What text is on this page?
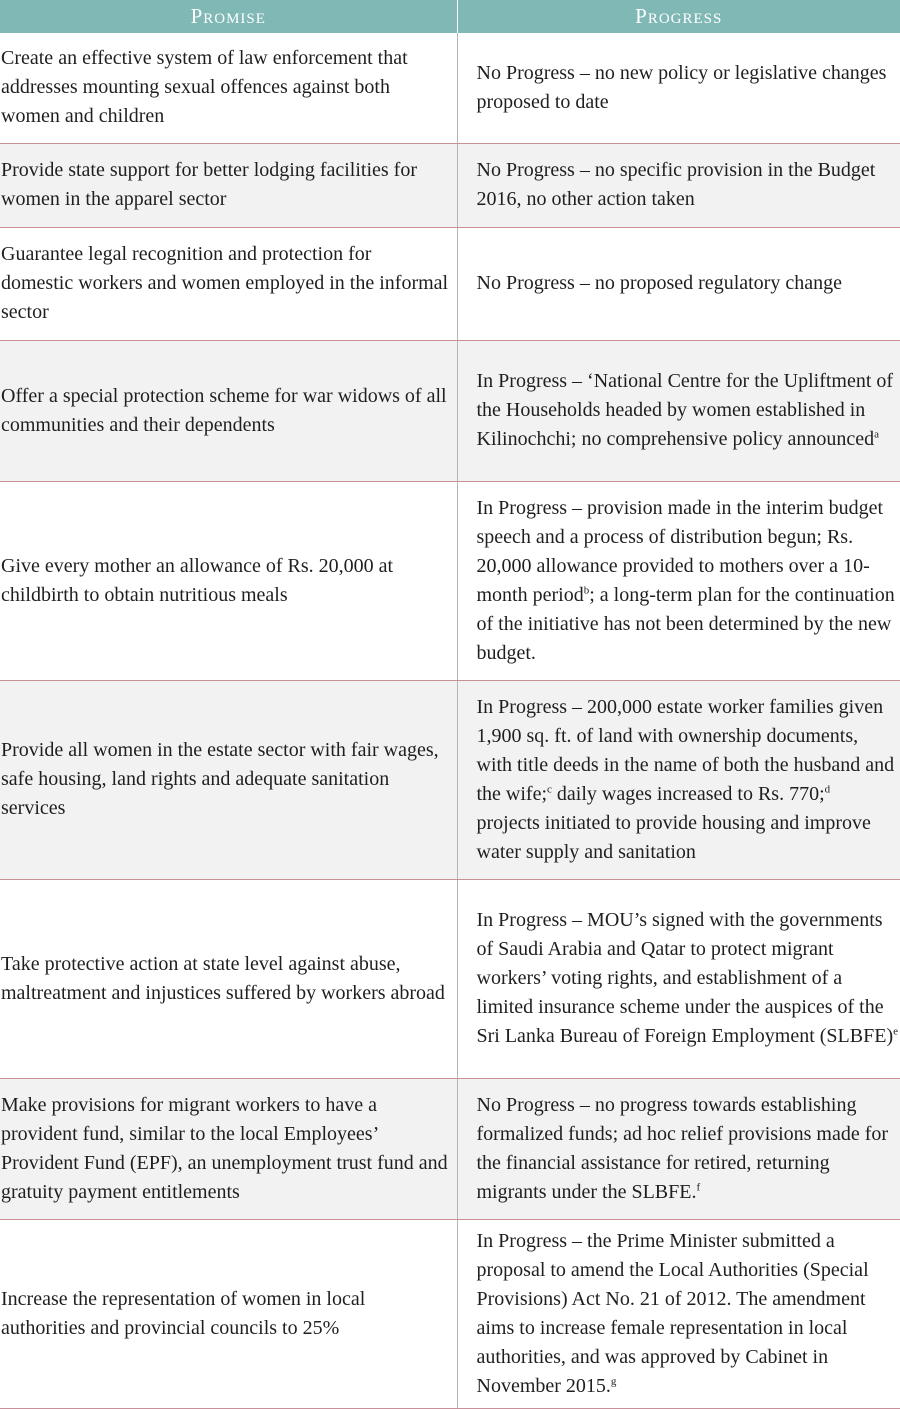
Promise	Progress
Create an effective system of law enforcement that addresses mounting sexual offences against both women and children	No Progress – no new policy or legislative changes proposed to date
Provide state support for better lodging facilities for women in the apparel sector	No Progress – no specific provision in the Budget 2016, no other action taken
Guarantee legal recognition and protection for domestic workers and women employed in the informal sector	No Progress – no proposed regulatory change
Offer a special protection scheme for war widows of all communities and their dependents	In Progress – ‘National Centre for the Upliftment of the Households headed by women established in Kilinochchi; no comprehensive policy announced$^a$
Give every mother an allowance of Rs. 20,000 at childbirth to obtain nutritious meals	In Progress – provision made in the interim budget speech and a process of distribution begun; Rs. 20,000 allowance provided to mothers over a 10-month period$^b$; a long-term plan for the continuation of the initiative has not been determined by the new budget.
Provide all women in the estate sector with fair wages, safe housing, land rights and adequate sanitation services	In Progress – 200,000 estate worker families given 1,900 sq. ft. of land with ownership documents, with title deeds in the name of both the husband and the wife;$^c$ daily wages increased to Rs. 770;$^d$ projects initiated to provide housing and improve water supply and sanitation
Take protective action at state level against abuse, maltreatment and injustices suffered by workers abroad	In Progress – MOU’s signed with the governments of Saudi Arabia and Qatar to protect migrant workers’ voting rights, and establishment of a limited insurance scheme under the auspices of the Sri Lanka Bureau of Foreign Employment (SLBFE)$^e$
Make provisions for migrant workers to have a provident fund, similar to the local Employees’ Provident Fund (EPF), an unemployment trust fund and gratuity payment entitlements	No Progress – no progress towards establishing formalized funds; ad hoc relief provisions made for the financial assistance for retired, returning migrants under the SLBFE.$^f$
Increase the representation of women in local authorities and provincial councils to 25%	In Progress – the Prime Minister submitted a proposal to amend the Local Authorities (Special Provisions) Act No. 21 of 2012. The amendment aims to increase female representation in local authorities, and was approved by Cabinet in November 2015.$^g$
